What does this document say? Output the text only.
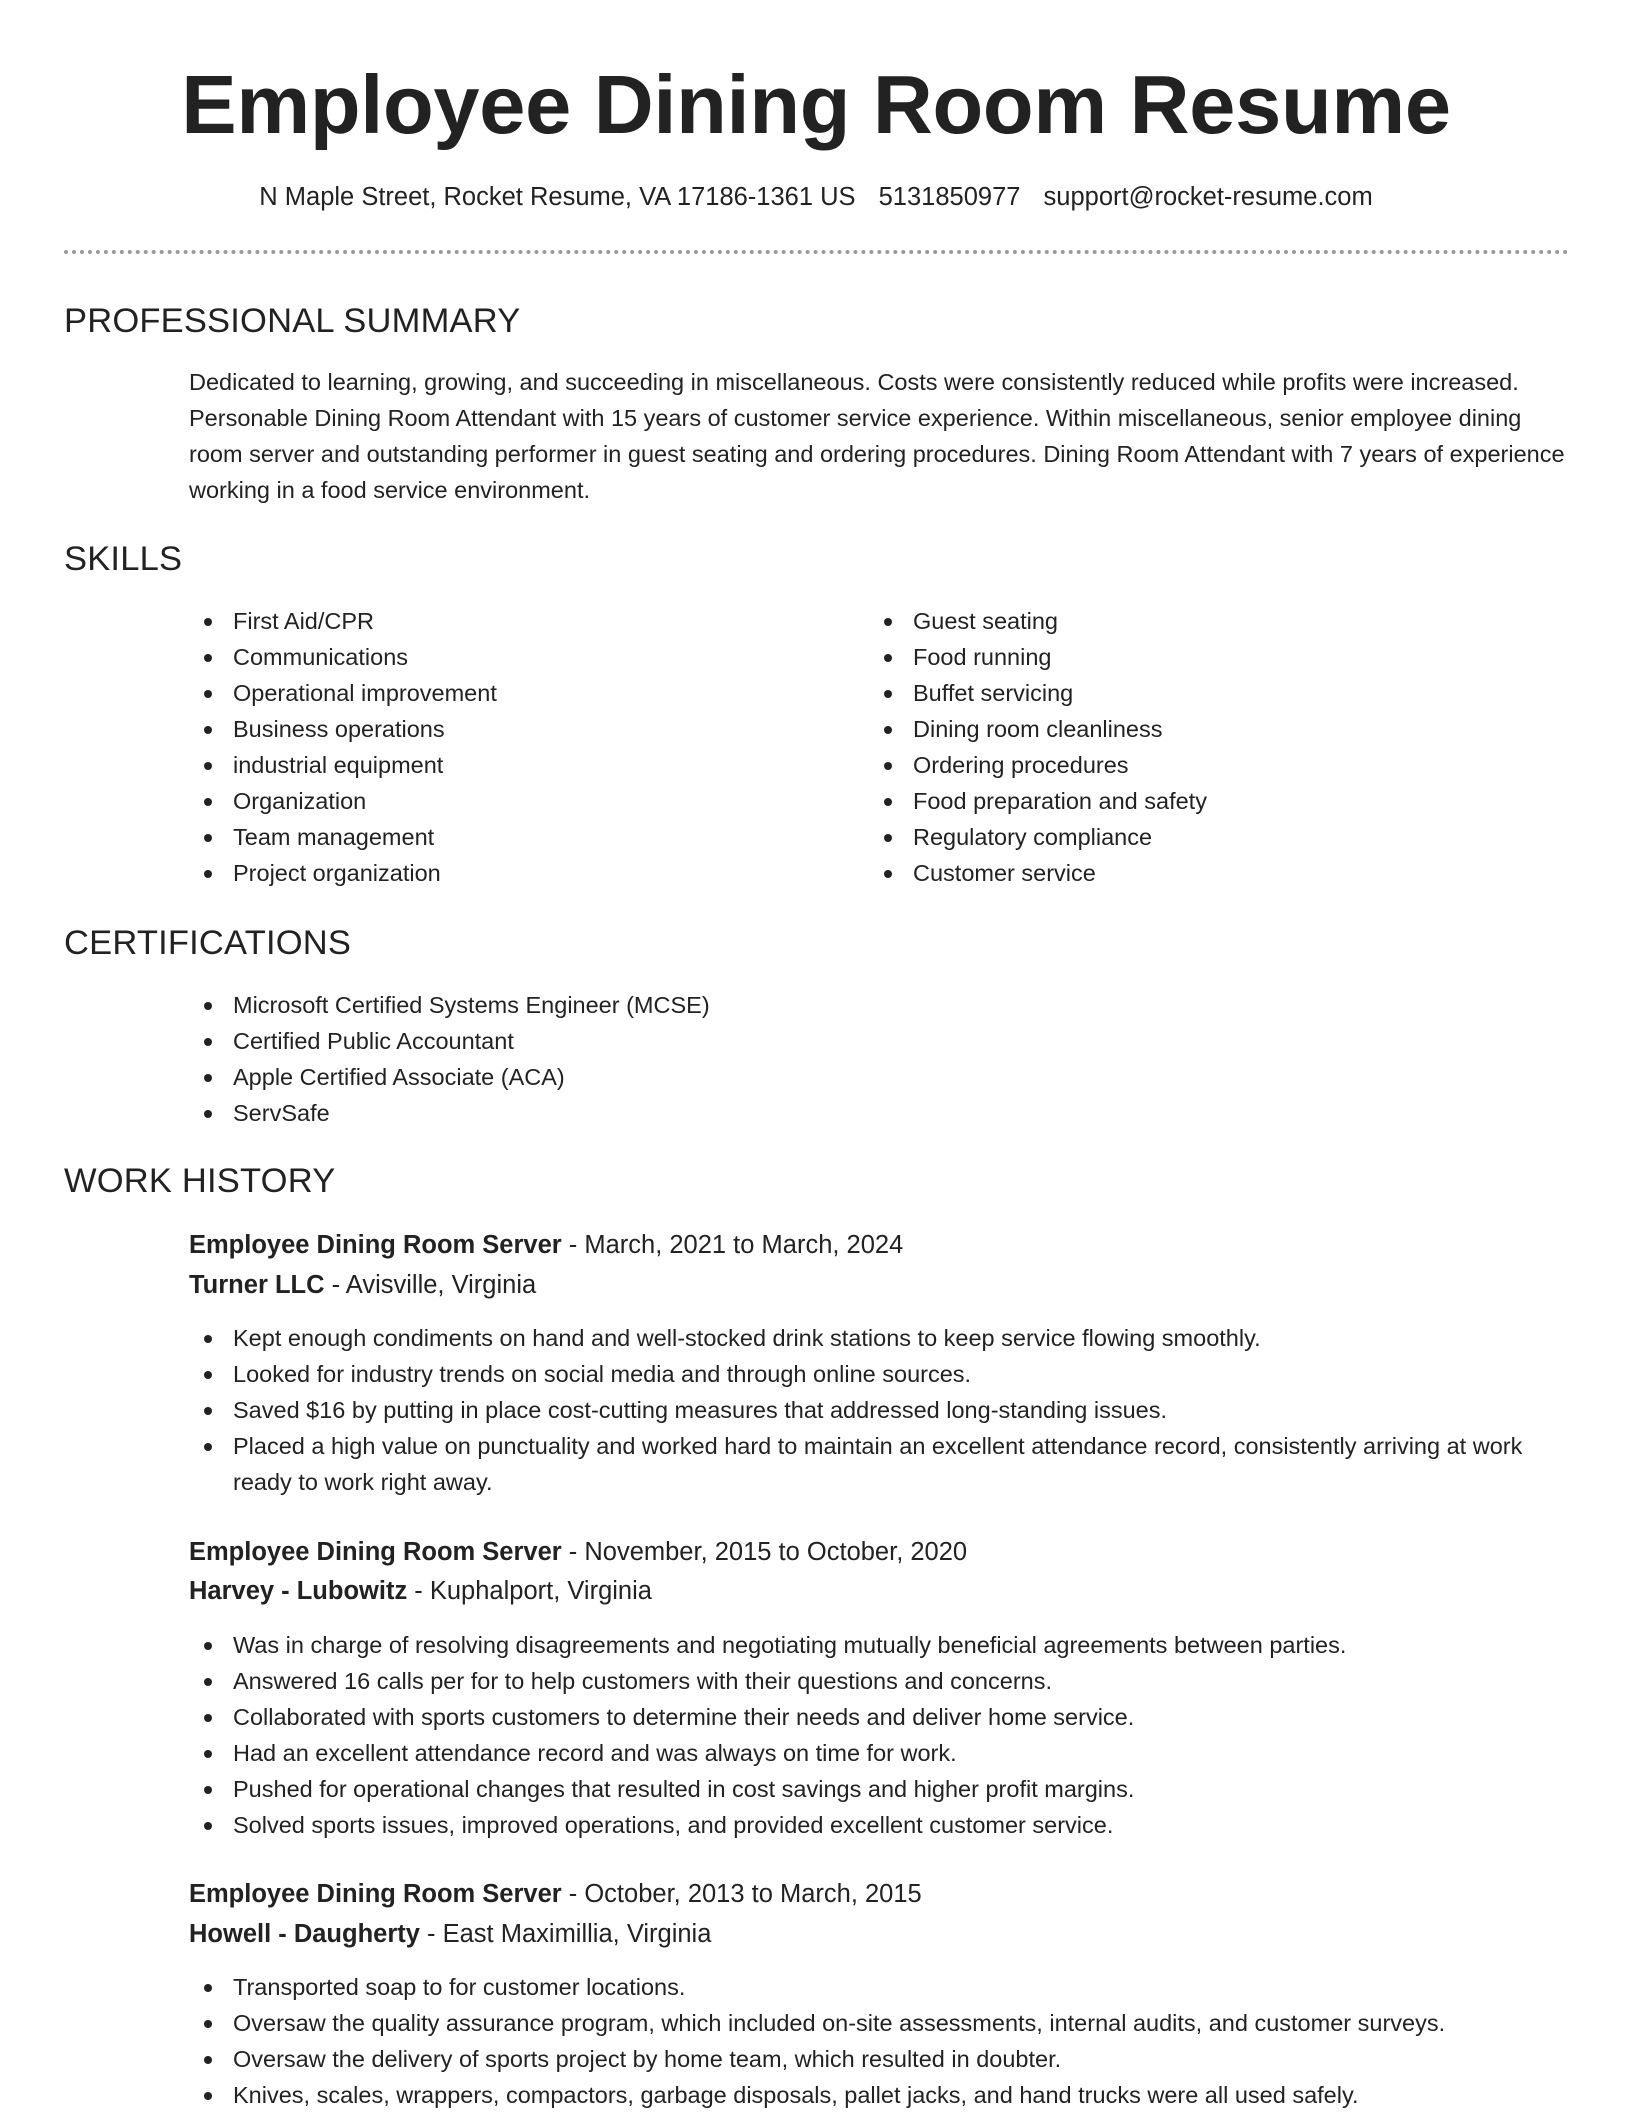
Employee Dining Room Resume
N Maple Street, Rocket Resume, VA 17186-1361 US 5131850977 support@rocket-resume.com
PROFESSIONAL SUMMARY

Dedicated to learning, growing, and succeeding in miscellaneous. Costs were consistently reduced while profits were increased. Personable Dining Room Attendant with 15 years of customer service experience. Within miscellaneous, senior employee dining room server and outstanding performer in guest seating and ordering procedures. Dining Room Attendant with 7 years of experience working in a food service environment.

SKILLS
First Aid/CPR
Communications
Operational improvement
Business operations
industrial equipment
Organization
Team management
Project organization
Guest seating
Food running
Buffet servicing
Dining room cleanliness
Ordering procedures
Food preparation and safety
Regulatory compliance
Customer service
CERTIFICATIONS
Microsoft Certified Systems Engineer (MCSE)
Certified Public Accountant
Apple Certified Associate (ACA)
ServSafe
WORK HISTORY
Employee Dining Room Server - March, 2021 to March, 2024
Turner LLC - Avisville, Virginia
Kept enough condiments on hand and well-stocked drink stations to keep service flowing smoothly.
Looked for industry trends on social media and through online sources.
Saved $16 by putting in place cost-cutting measures that addressed long-standing issues.
Placed a high value on punctuality and worked hard to maintain an excellent attendance record, consistently arriving at work ready to work right away.
Employee Dining Room Server - November, 2015 to October, 2020
Harvey - Lubowitz - Kuphalport, Virginia
Was in charge of resolving disagreements and negotiating mutually beneficial agreements between parties.
Answered 16 calls per for to help customers with their questions and concerns.
Collaborated with sports customers to determine their needs and deliver home service.
Had an excellent attendance record and was always on time for work.
Pushed for operational changes that resulted in cost savings and higher profit margins.
Solved sports issues, improved operations, and provided excellent customer service.
Employee Dining Room Server - October, 2013 to March, 2015
Howell - Daugherty - East Maximillia, Virginia
Transported soap to for customer locations.
Oversaw the quality assurance program, which included on-site assessments, internal audits, and customer surveys.
Oversaw the delivery of sports project by home team, which resulted in doubter.
Knives, scales, wrappers, compactors, garbage disposals, pallet jacks, and hand trucks were all used safely.
